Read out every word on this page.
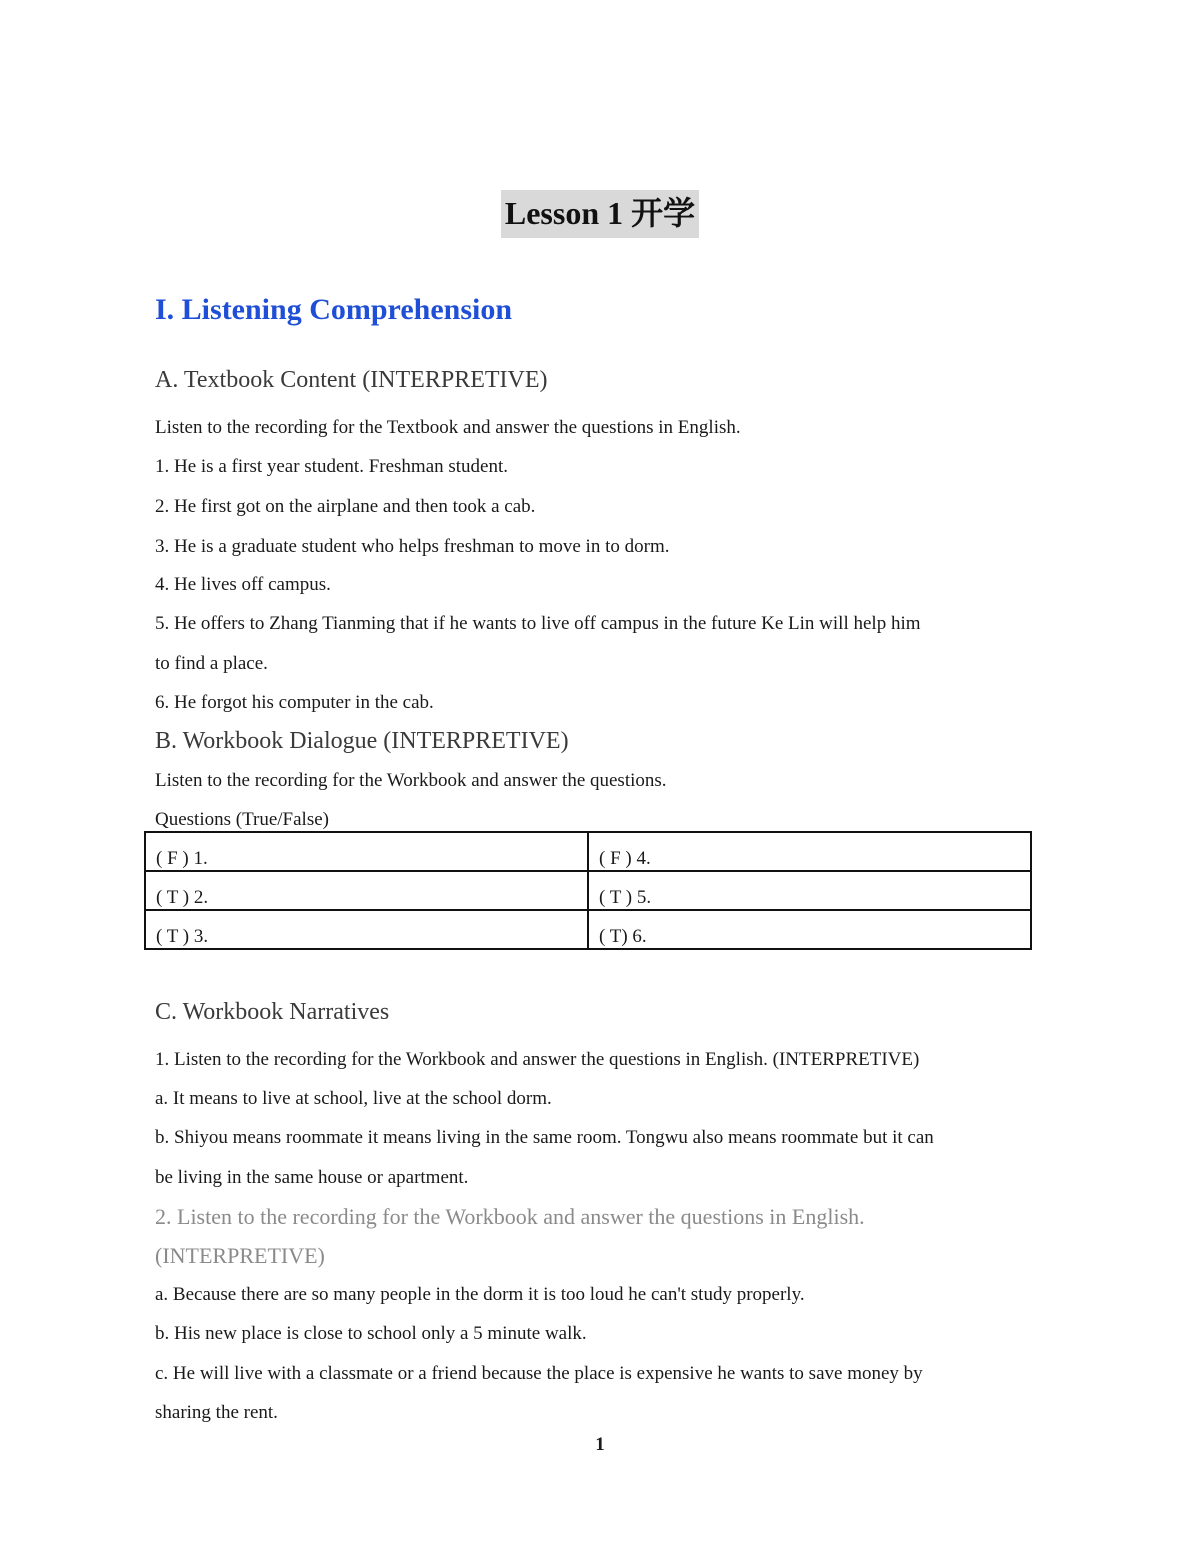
Lesson 1 开学

I. Listening Comprehension

A. Textbook Content (INTERPRETIVE)

Listen to the recording for the Textbook and answer the questions in English.

1. He is a first year student. Freshman student.

2. He first got on the airplane and then took a cab.

3. He is a graduate student who helps freshman to move in to dorm.

4. He lives off campus.

5. He offers to Zhang Tianming that if he wants to live off campus in the future Ke Lin will help him

to find a place.

6. He forgot his computer in the cab.

B. Workbook Dialogue (INTERPRETIVE)

Listen to the recording for the Workbook and answer the questions.

Questions (True/False)

( F ) 1.	( F ) 4.
( T ) 2.	( T ) 5.
( T ) 3.	( T) 6.

C. Workbook Narratives

1. Listen to the recording for the Workbook and answer the questions in English. (INTERPRETIVE)

a. It means to live at school, live at the school dorm.

b. Shiyou means roommate it means living in the same room. Tongwu also means roommate but it can

be living in the same house or apartment.

2. Listen to the recording for the Workbook and answer the questions in English.

(INTERPRETIVE)

a. Because there are so many people in the dorm it is too loud he can't study properly.

b. His new place is close to school only a 5 minute walk.

c. He will live with a classmate or a friend because the place is expensive he wants to save money by

sharing the rent.

1
